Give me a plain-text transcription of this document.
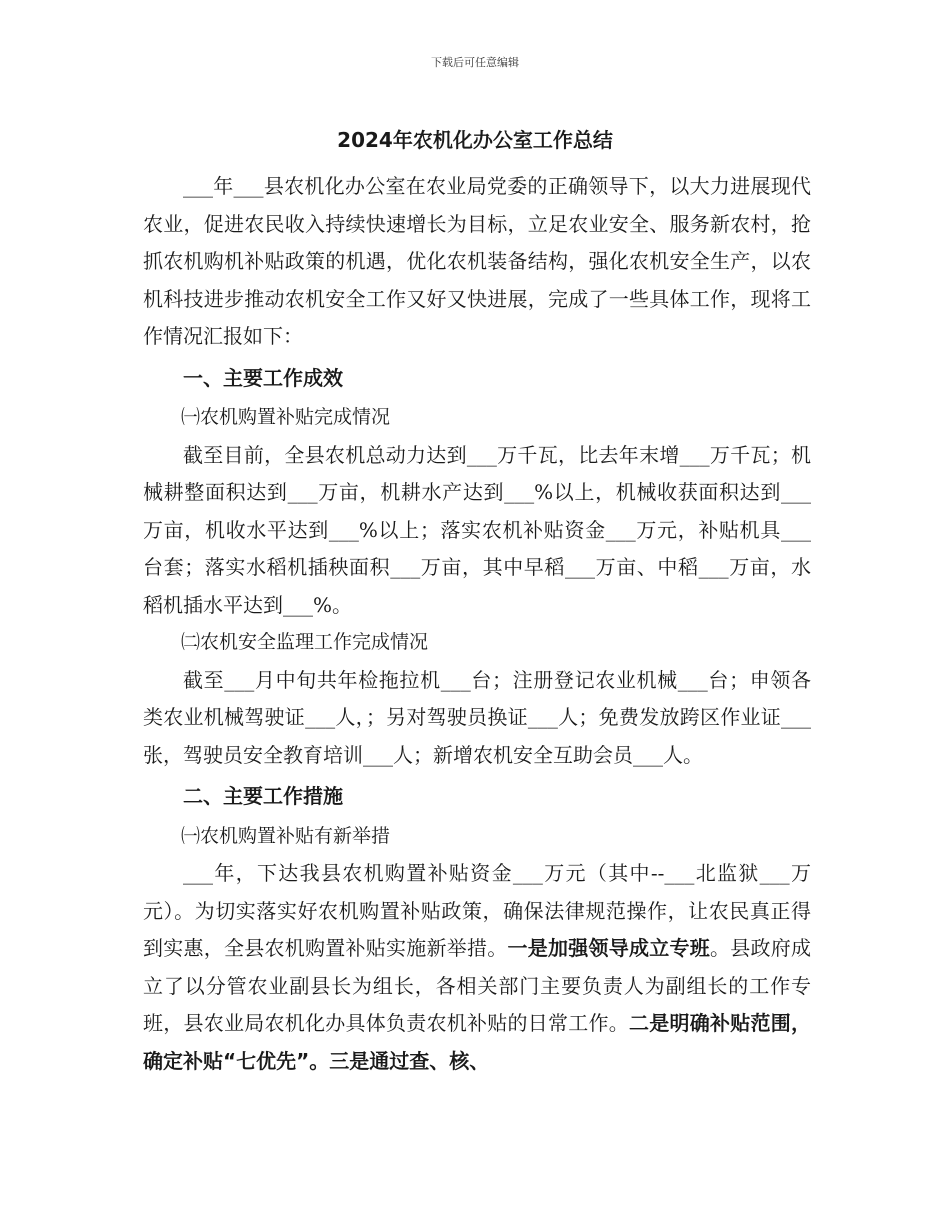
下载后可任意编辑
2024年农机化办公室工作总结

___年___县农机化办公室在农业局党委的正确领导下，以大力进展现代农业，促进农民收入持续快速增长为目标，立足农业安全、服务新农村，抢抓农机购机补贴政策的机遇，优化农机装备结构，强化农机安全生产，以农机科技进步推动农机安全工作又好又快进展，完成了一些具体工作，现将工作情况汇报如下：

一、主要工作成效

㈠农机购置补贴完成情况

截至目前，全县农机总动力达到___万千瓦，比去年末增___万千瓦；机械耕整面积达到___万亩，机耕水产达到___%以上，机械收获面积达到___万亩，机收水平达到___%以上；落实农机补贴资金___万元，补贴机具___台套；落实水稻机插秧面积___万亩，其中早稻___万亩、中稻___万亩，水稻机插水平达到___%。

㈡农机安全监理工作完成情况

截至___月中旬共年检拖拉机___台；注册登记农业机械___台；申领各类农业机械驾驶证___人，；另对驾驶员换证___人；免费发放跨区作业证___张，驾驶员安全教育培训___人；新增农机安全互助会员___人。

二、主要工作措施

㈠农机购置补贴有新举措

___年，下达我县农机购置补贴资金___万元（其中--___北监狱___万元）。为切实落实好农机购置补贴政策，确保法律规范操作，让农民真正得到实惠，全县农机购置补贴实施新举措。一是加强领导成立专班。县政府成立了以分管农业副县长为组长，各相关部门主要负责人为副组长的工作专班，县农业局农机化办具体负责农机补贴的日常工作。二是明确补贴范围，确定补贴“七优先”。三是通过查、核、
